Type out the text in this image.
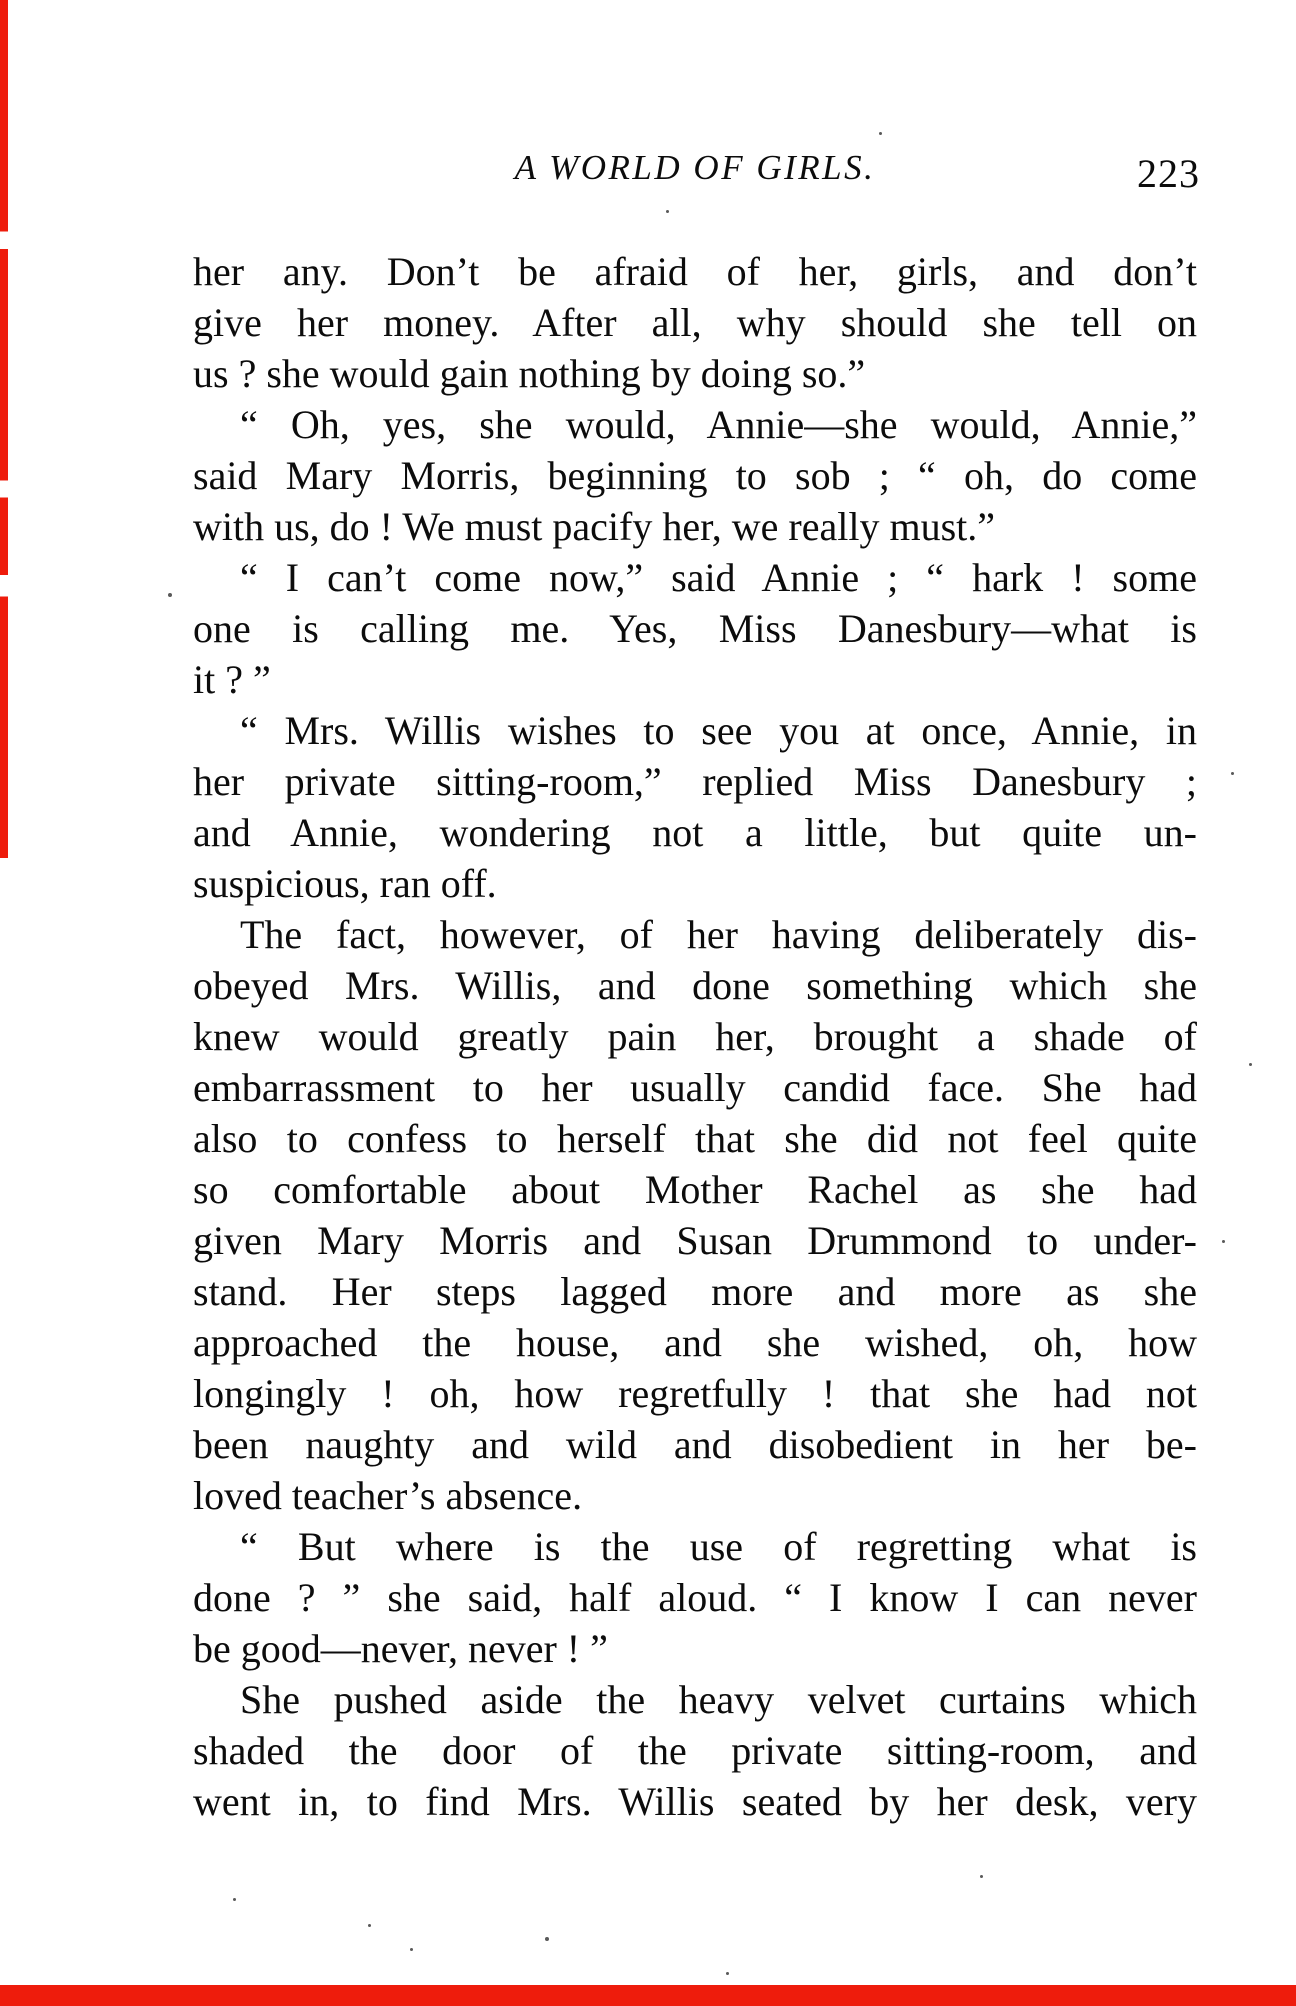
A WORLD OF GIRLS.	223
her any. Don’t be afraid of her, girls, and don’t
give her money. After all, why should she tell on
us ? she would gain nothing by doing so.”
“ Oh, yes, she would, Annie—she would, Annie,”
said Mary Morris, beginning to sob ; “ oh, do come
with us, do ! We must pacify her, we really must.”
“ I can’t come now,” said Annie ; “ hark ! some
one is calling me. Yes, Miss Danesbury—what is
it ? ”
“ Mrs. Willis wishes to see you at once, Annie, in
her private sitting-room,” replied Miss Danesbury ;
and Annie, wondering not a little, but quite un-
suspicious, ran off.
The fact, however, of her having deliberately dis-
obeyed Mrs. Willis, and done something which she
knew would greatly pain her, brought a shade of
embarrassment to her usually candid face. She had
also to confess to herself that she did not feel quite
so comfortable about Mother Rachel as she had
given Mary Morris and Susan Drummond to under-
stand. Her steps lagged more and more as she
approached the house, and she wished, oh, how
longingly ! oh, how regretfully ! that she had not
been naughty and wild and disobedient in her be-
loved teacher’s absence.
“ But where is the use of regretting what is
done ? ” she said, half aloud. “ I know I can never
be good—never, never ! ”
She pushed aside the heavy velvet curtains which
shaded the door of the private sitting-room, and
went in, to find Mrs. Willis seated by her desk, very
